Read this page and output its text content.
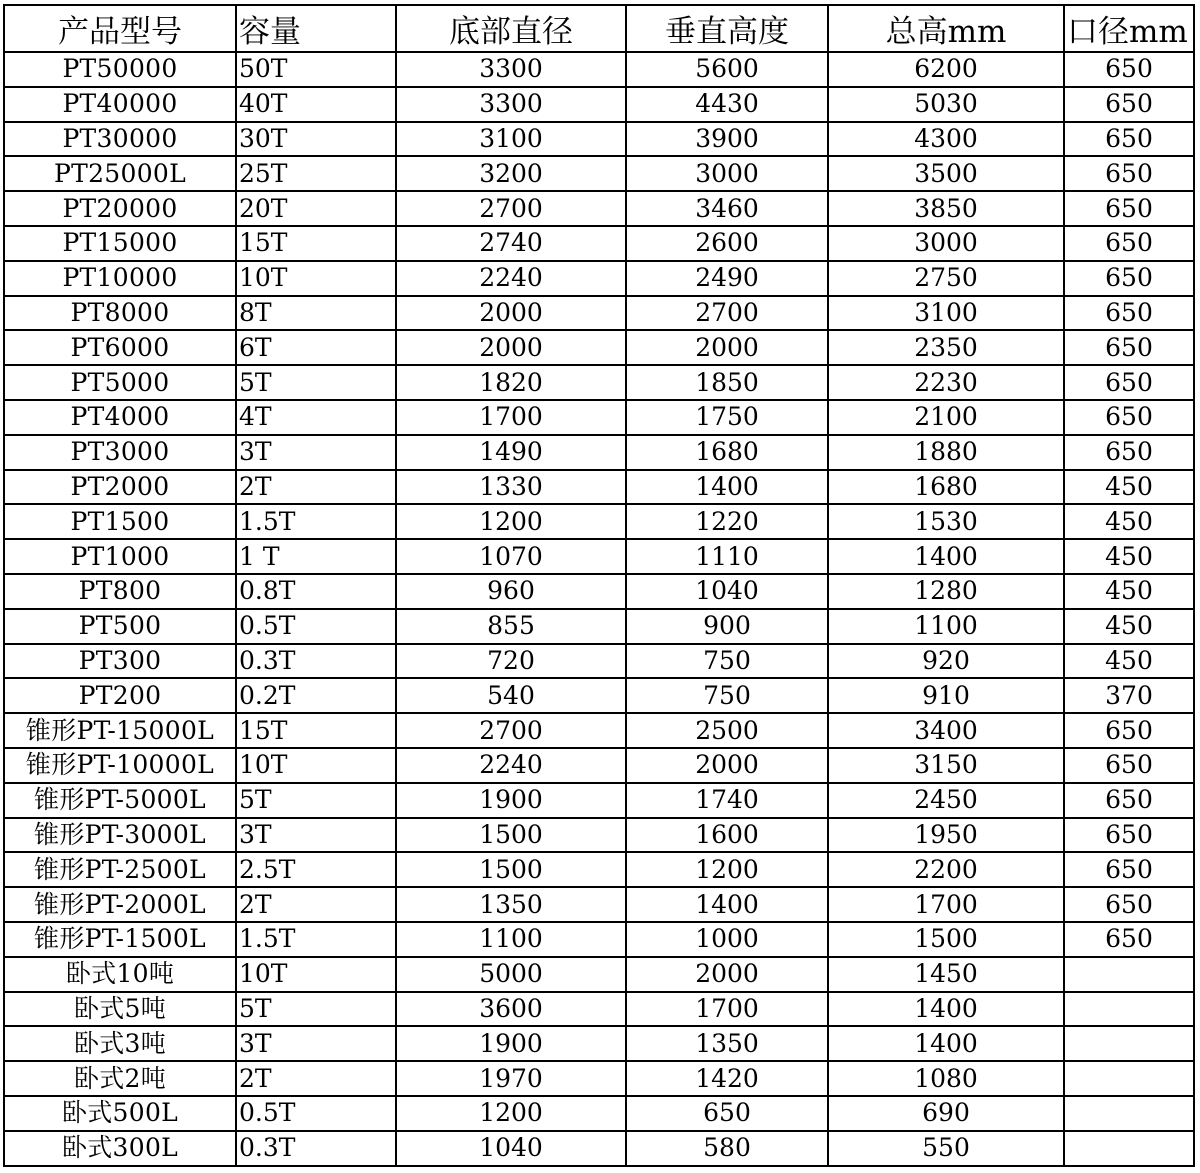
产品型号	容量	底部直径	垂直高度	总高mm	口径mm
PT50000	50T	3300	5600	6200	650
PT40000	40T	3300	4430	5030	650
PT30000	30T	3100	3900	4300	650
PT25000L	25T	3200	3000	3500	650
PT20000	20T	2700	3460	3850	650
PT15000	15T	2740	2600	3000	650
PT10000	10T	2240	2490	2750	650
PT8000	8T	2000	2700	3100	650
PT6000	6T	2000	2000	2350	650
PT5000	5T	1820	1850	2230	650
PT4000	4T	1700	1750	2100	650
PT3000	3T	1490	1680	1880	650
PT2000	2T	1330	1400	1680	450
PT1500	1.5T	1200	1220	1530	450
PT1000	1 T	1070	1110	1400	450
PT800	0.8T	960	1040	1280	450
PT500	0.5T	855	900	1100	450
PT300	0.3T	720	750	920	450
PT200	0.2T	540	750	910	370
锥形PT-15000L	15T	2700	2500	3400	650
锥形PT-10000L	10T	2240	2000	3150	650
锥形PT-5000L	5T	1900	1740	2450	650
锥形PT-3000L	3T	1500	1600	1950	650
锥形PT-2500L	2.5T	1500	1200	2200	650
锥形PT-2000L	2T	1350	1400	1700	650
锥形PT-1500L	1.5T	1100	1000	1500	650
卧式10吨	10T	5000	2000	1450	
卧式5吨	5T	3600	1700	1400	
卧式3吨	3T	1900	1350	1400	
卧式2吨	2T	1970	1420	1080	
卧式500L	0.5T	1200	650	690	
卧式300L	0.3T	1040	580	550	
